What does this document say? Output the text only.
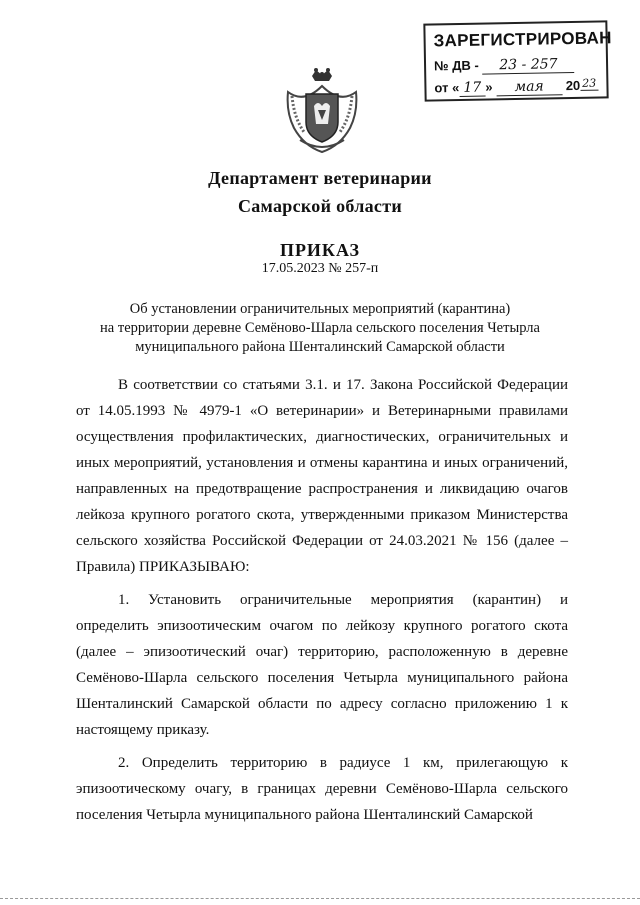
ЗАРЕГИСТРИРОВАН
№ ДВ - 23 - 257
от « 17 » мая 20 23
Департамент ветеринарии
Самарской области
ПРИКАЗ
17.05.2023 № 257-п
Об установлении ограничительных мероприятий (карантина)
на территории деревне Семёново-Шарла сельского поселения Четырла
муниципального района Шенталинский Самарской области

В соответствии со статьями 3.1. и 17. Закона Российской Федерации от 14.05.1993 № 4979-1 «О ветеринарии» и Ветеринарными правилами осуществления профилактических, диагностических, ограничительных и иных мероприятий, установления и отмены карантина и иных ограничений, направленных на предотвращение распространения и ликвидацию очагов лейкоза крупного рогатого скота, утвержденными приказом Министерства сельского хозяйства Российской Федерации от 24.03.2021 № 156 (далее – Правила) ПРИКАЗЫВАЮ:

1. Установить ограничительные мероприятия (карантин) и определить эпизоотическим очагом по лейкозу крупного рогатого скота (далее – эпизоотический очаг) территорию, расположенную в деревне Семёново-Шарла сельского поселения Четырла муниципального района Шенталинский Самарской области по адресу согласно приложению 1 к настоящему приказу.

2. Определить территорию в радиусе 1 км, прилегающую к эпизоотическому очагу, в границах деревни Семёново-Шарла сельского поселения Четырла муниципального района Шенталинский Самарской
